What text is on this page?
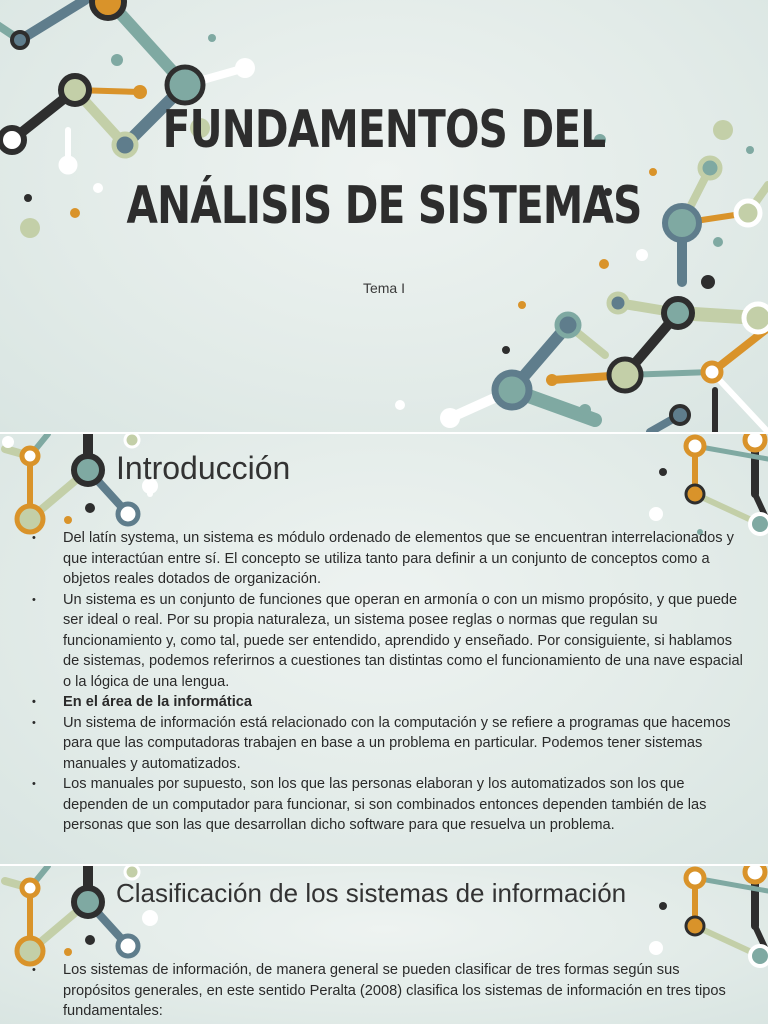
FUNDAMENTOS DEL
ANÁLISIS DE SISTEMAS
Tema I
Introducción
• Del latín systema, un sistema es módulo ordenado de elementos que se encuentran interrelacionados y que interactúan entre sí. El concepto se utiliza tanto para definir a un conjunto de conceptos como a objetos reales dotados de organización.
• Un sistema es un conjunto de funciones que operan en armonía o con un mismo propósito, y que puede ser ideal o real. Por su propia naturaleza, un sistema posee reglas o normas que regulan su funcionamiento y, como tal, puede ser entendido, aprendido y enseñado. Por consiguiente, si hablamos de sistemas, podemos referirnos a cuestiones tan distintas como el funcionamiento de una nave espacial o la lógica de una lengua.
• En el área de la informática
• Un sistema de información está relacionado con la computación y se refiere a programas que hacemos para que las computadoras trabajen en base a un problema en particular. Podemos tener sistemas manuales y automatizados.
• Los manuales por supuesto, son los que las personas elaboran y los automatizados son los que dependen de un computador para funcionar, si son combinados entonces dependen también de las personas que son las que desarrollan dicho software para que resuelva un problema.
Clasificación de los sistemas de información
• Los sistemas de información, de manera general se pueden clasificar de tres formas según sus propósitos generales, en este sentido Peralta (2008) clasifica los sistemas de información en tres tipos fundamentales:
